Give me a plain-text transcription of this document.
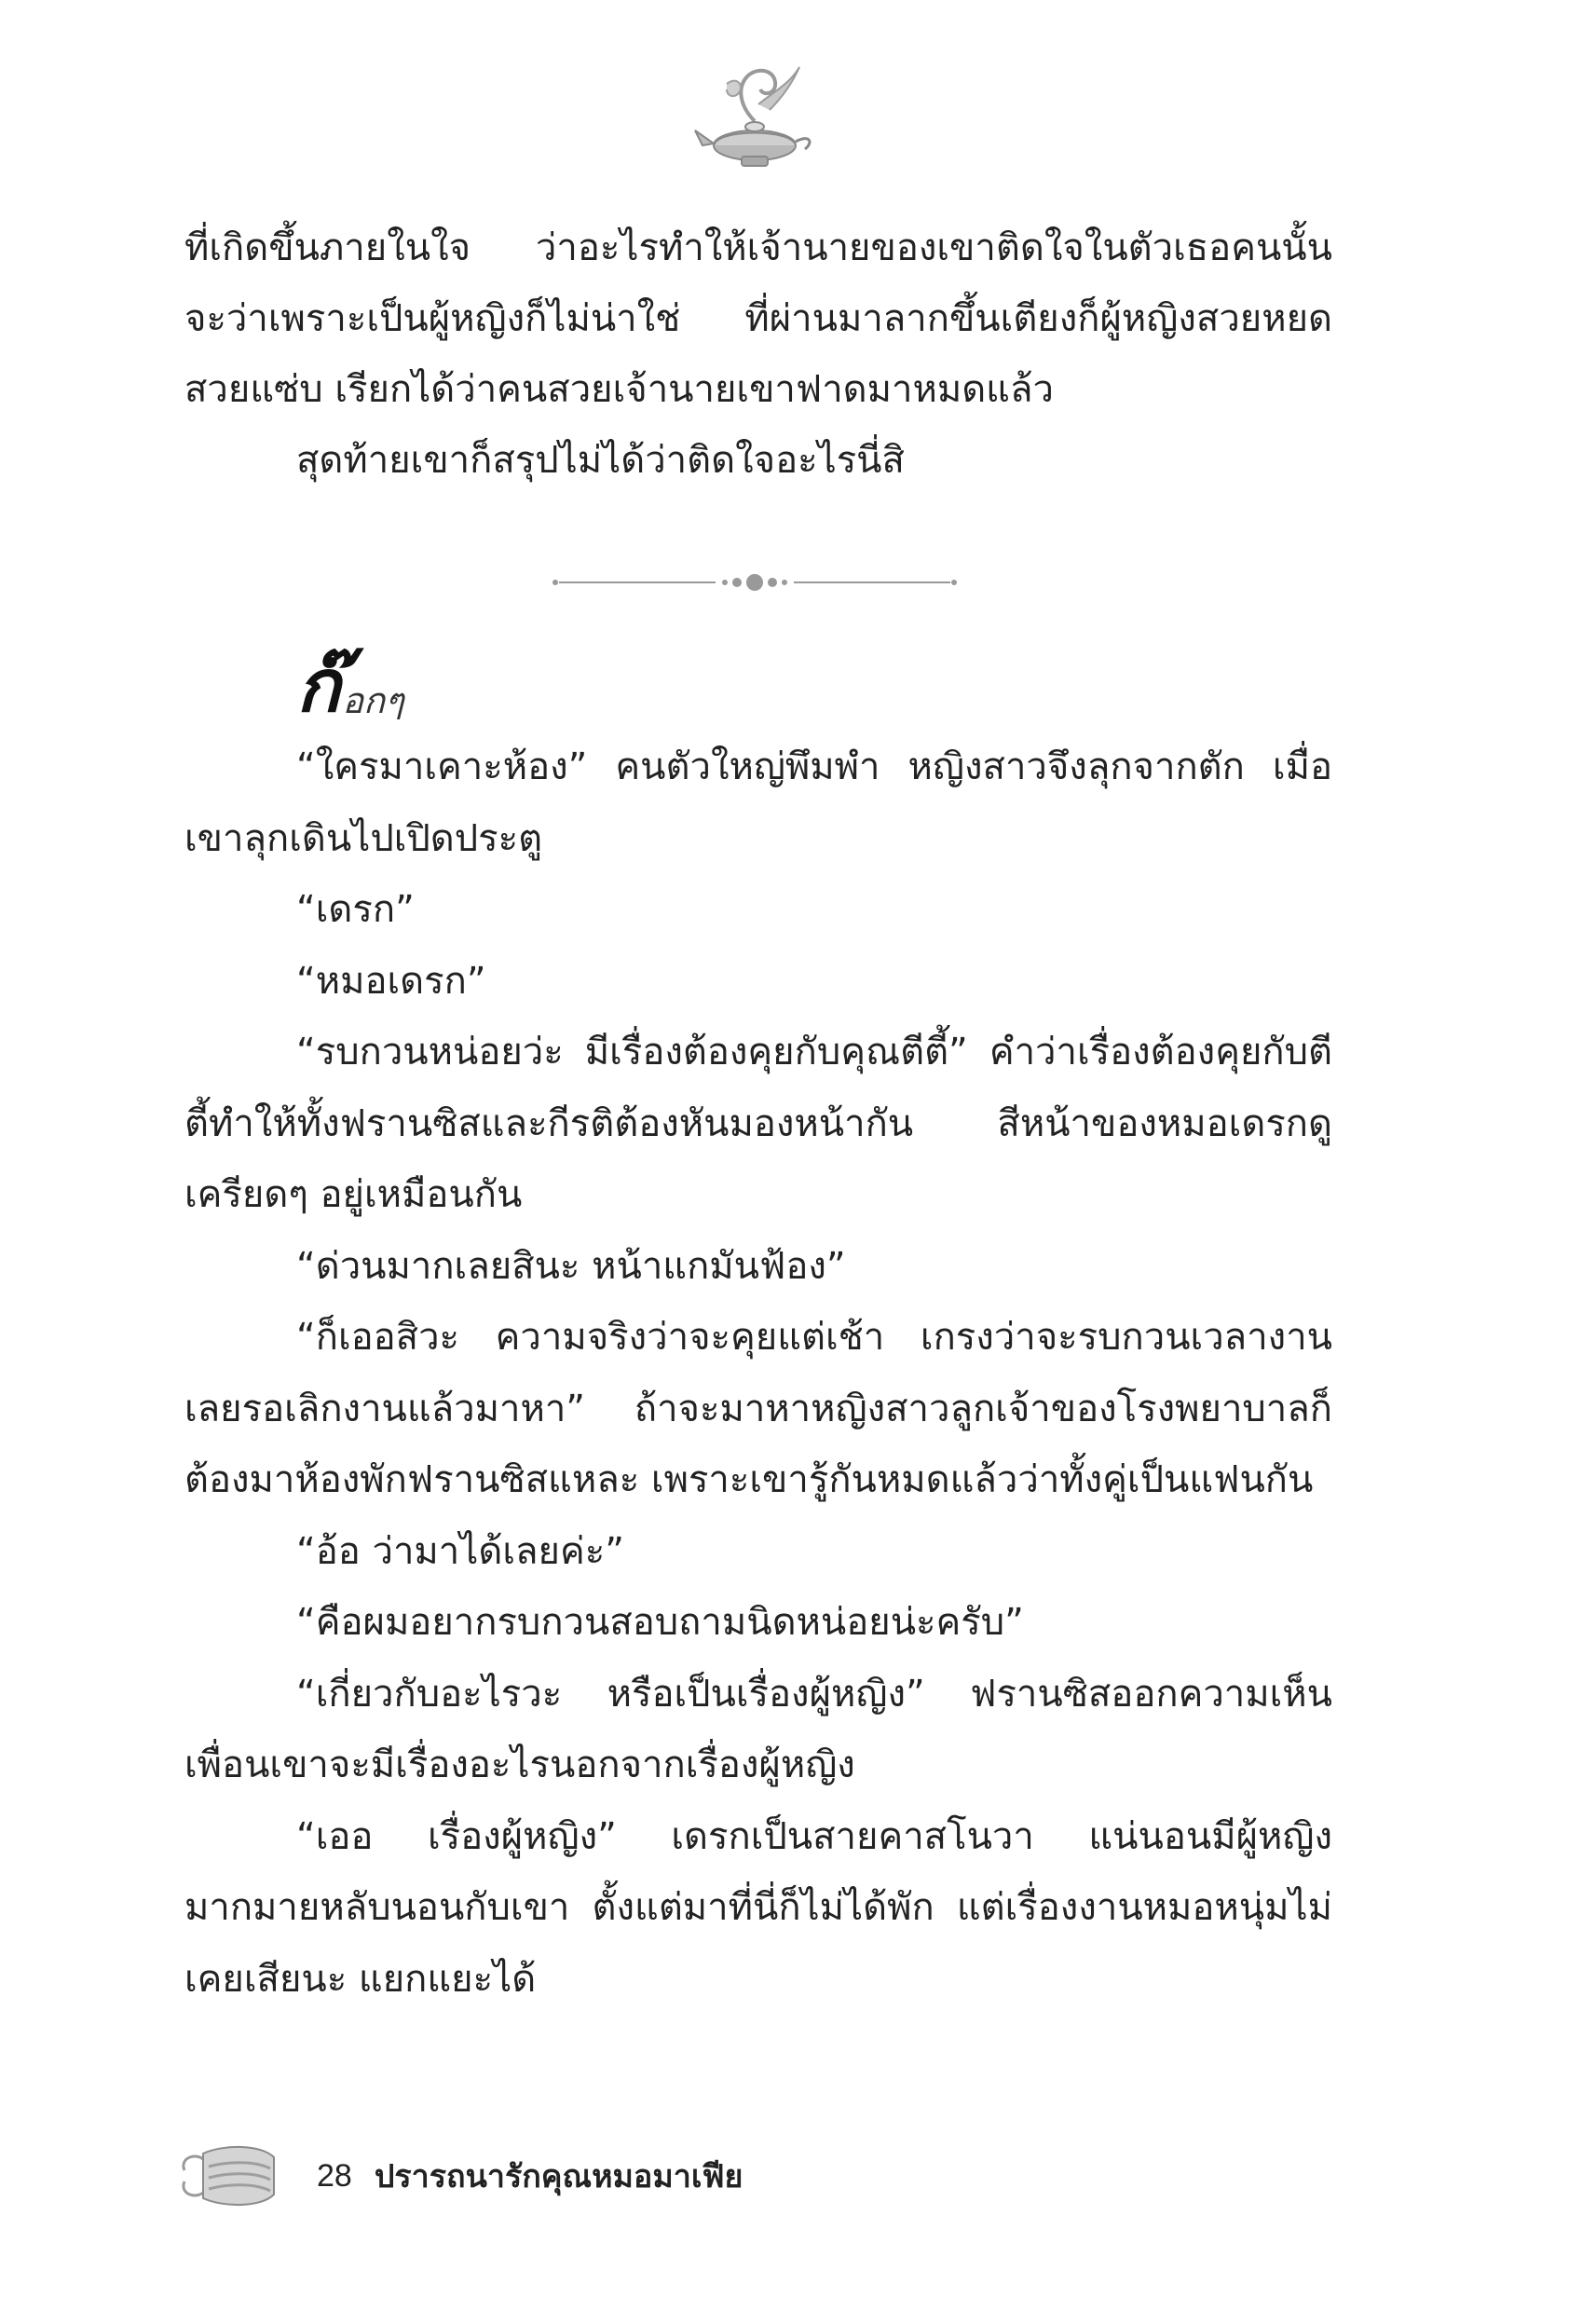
ที่เกิดขึ้นภายในใจ ว่าอะไรทำให้เจ้านายของเขาติดใจในตัวเธอคนนั้น จะว่าเพราะเป็นผู้หญิงก็ไม่น่าใช่ ที่ผ่านมาลากขึ้นเตียงก็ผู้หญิงสวยหยด สวยแซ่บ เรียกได้ว่าคนสวยเจ้านายเขาฟาดมาหมดแล้ว

สุดท้ายเขาก็สรุปไม่ได้ว่าติดใจอะไรนี่สิ

ก๊ อกๆ

“ใครมาเคาะห้อง” คนตัวใหญ่พึมพำ หญิงสาวจึงลุกจากตัก เมื่อเขาลุกเดินไปเปิดประตู

“เดรก”

“หมอเดรก”

“รบกวนหน่อยว่ะ มีเรื่องต้องคุยกับคุณตีตี้” คำว่าเรื่องต้องคุยกับตีตี้ทำให้ทั้งฟรานซิสและกีรติต้องหันมองหน้ากัน สีหน้าของหมอเดรกดูเครียดๆ อยู่เหมือนกัน

“ด่วนมากเลยสินะ หน้าแกมันฟ้อง”

“ก็เออสิวะ ความจริงว่าจะคุยแต่เช้า เกรงว่าจะรบกวนเวลางาน เลยรอเลิกงานแล้วมาหา” ถ้าจะมาหาหญิงสาวลูกเจ้าของโรงพยาบาลก็ต้องมาห้องพักฟรานซิสแหละ เพราะเขารู้กันหมดแล้วว่าทั้งคู่เป็นแฟนกัน

“อ้อ ว่ามาได้เลยค่ะ”

“คือผมอยากรบกวนสอบถามนิดหน่อยน่ะครับ”

“เกี่ยวกับอะไรวะ หรือเป็นเรื่องผู้หญิง” ฟรานซิสออกความเห็น เพื่อนเขาจะมีเรื่องอะไรนอกจากเรื่องผู้หญิง

“เออ เรื่องผู้หญิง” เดรกเป็นสายคาสโนวา แน่นอนมีผู้หญิงมากมายหลับนอนกับเขา ตั้งแต่มาที่นี่ก็ไม่ได้พัก แต่เรื่องงานหมอหนุ่มไม่เคยเสียนะ แยกแยะได้

28 ปรารถนารักคุณหมอมาเฟีย
